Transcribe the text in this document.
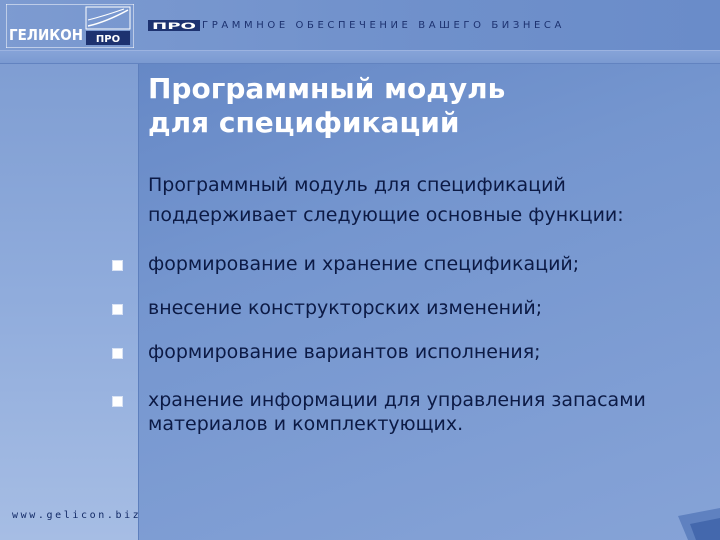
ГЕЛИКОН ПРО
ПРО ГРАММНОЕ ОБЕСПЕЧЕНИЕ ВАШЕГО БИЗНЕСА
Программный модуль
для спецификаций
Программный модуль для спецификаций
поддерживает следующие основные функции:
формирование и хранение спецификаций;
внесение конструкторских изменений;
формирование вариантов исполнения;
хранение информации для управления запасами материалов и комплектующих.
www.gelicon.biz
